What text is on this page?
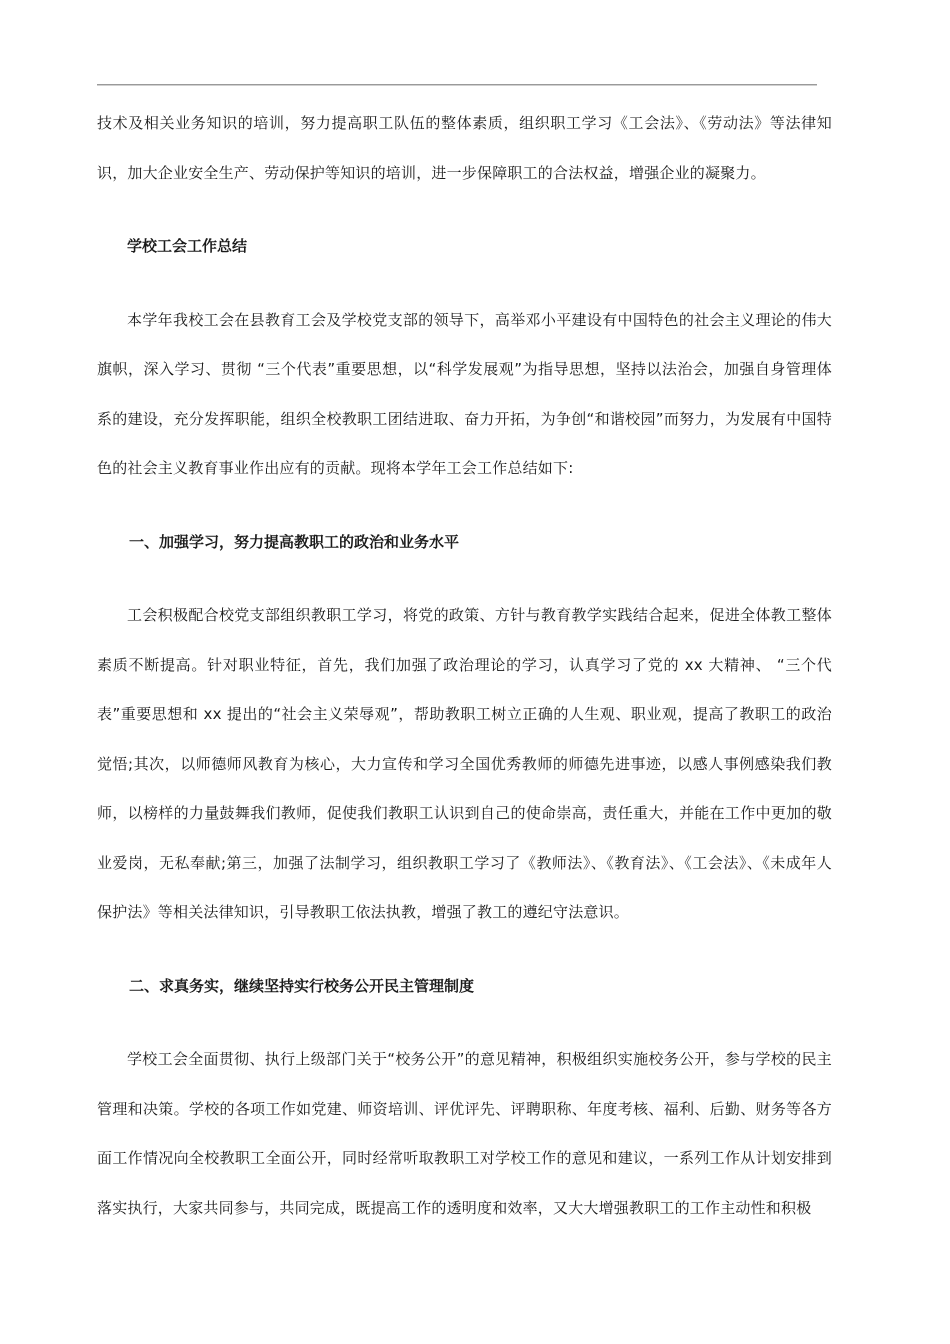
技术及相关业务知识的培训，努力提高职工队伍的整体素质，组织职工学习《工会法》、《劳动法》等法律知识，加大企业安全生产、劳动保护等知识的培训，进一步保障职工的合法权益，增强企业的凝聚力。

学校工会工作总结

本学年我校工会在县教育工会及学校党支部的领导下，高举邓小平建设有中国特色的社会主义理论的伟大旗帜，深入学习、贯彻 “三个代表”重要思想，以“科学发展观”为指导思想，坚持以法治会，加强自身管理体系的建设，充分发挥职能，组织全校教职工团结进取、奋力开拓，为争创“和谐校园”而努力，为发展有中国特色的社会主义教育事业作出应有的贡献。现将本学年工会工作总结如下:

一、加强学习，努力提高教职工的政治和业务水平

工会积极配合校党支部组织教职工学习，将党的政策、方针与教育教学实践结合起来，促进全体教工整体素质不断提高。针对职业特征，首先，我们加强了政治理论的学习，认真学习了党的 xx 大精神、 “三个代表”重要思想和 xx 提出的“社会主义荣辱观”，帮助教职工树立正确的人生观、职业观，提高了教职工的政治觉悟;其次，以师德师风教育为核心，大力宣传和学习全国优秀教师的师德先进事迹，以感人事例感染我们教师，以榜样的力量鼓舞我们教师，促使我们教职工认识到自己的使命崇高，责任重大，并能在工作中更加的敬业爱岗，无私奉献;第三，加强了法制学习，组织教职工学习了《教师法》、《教育法》、《工会法》、《未成年人保护法》等相关法律知识，引导教职工依法执教，增强了教工的遵纪守法意识。

二、求真务实，继续坚持实行校务公开民主管理制度

学校工会全面贯彻、执行上级部门关于“校务公开”的意见精神，积极组织实施校务公开，参与学校的民主管理和决策。学校的各项工作如党建、师资培训、评优评先、评聘职称、年度考核、福利、后勤、财务等各方面工作情况向全校教职工全面公开，同时经常听取教职工对学校工作的意见和建议，一系列工作从计划安排到落实执行，大家共同参与，共同完成，既提高工作的透明度和效率，又大大增强教职工的工作主动性和积极
